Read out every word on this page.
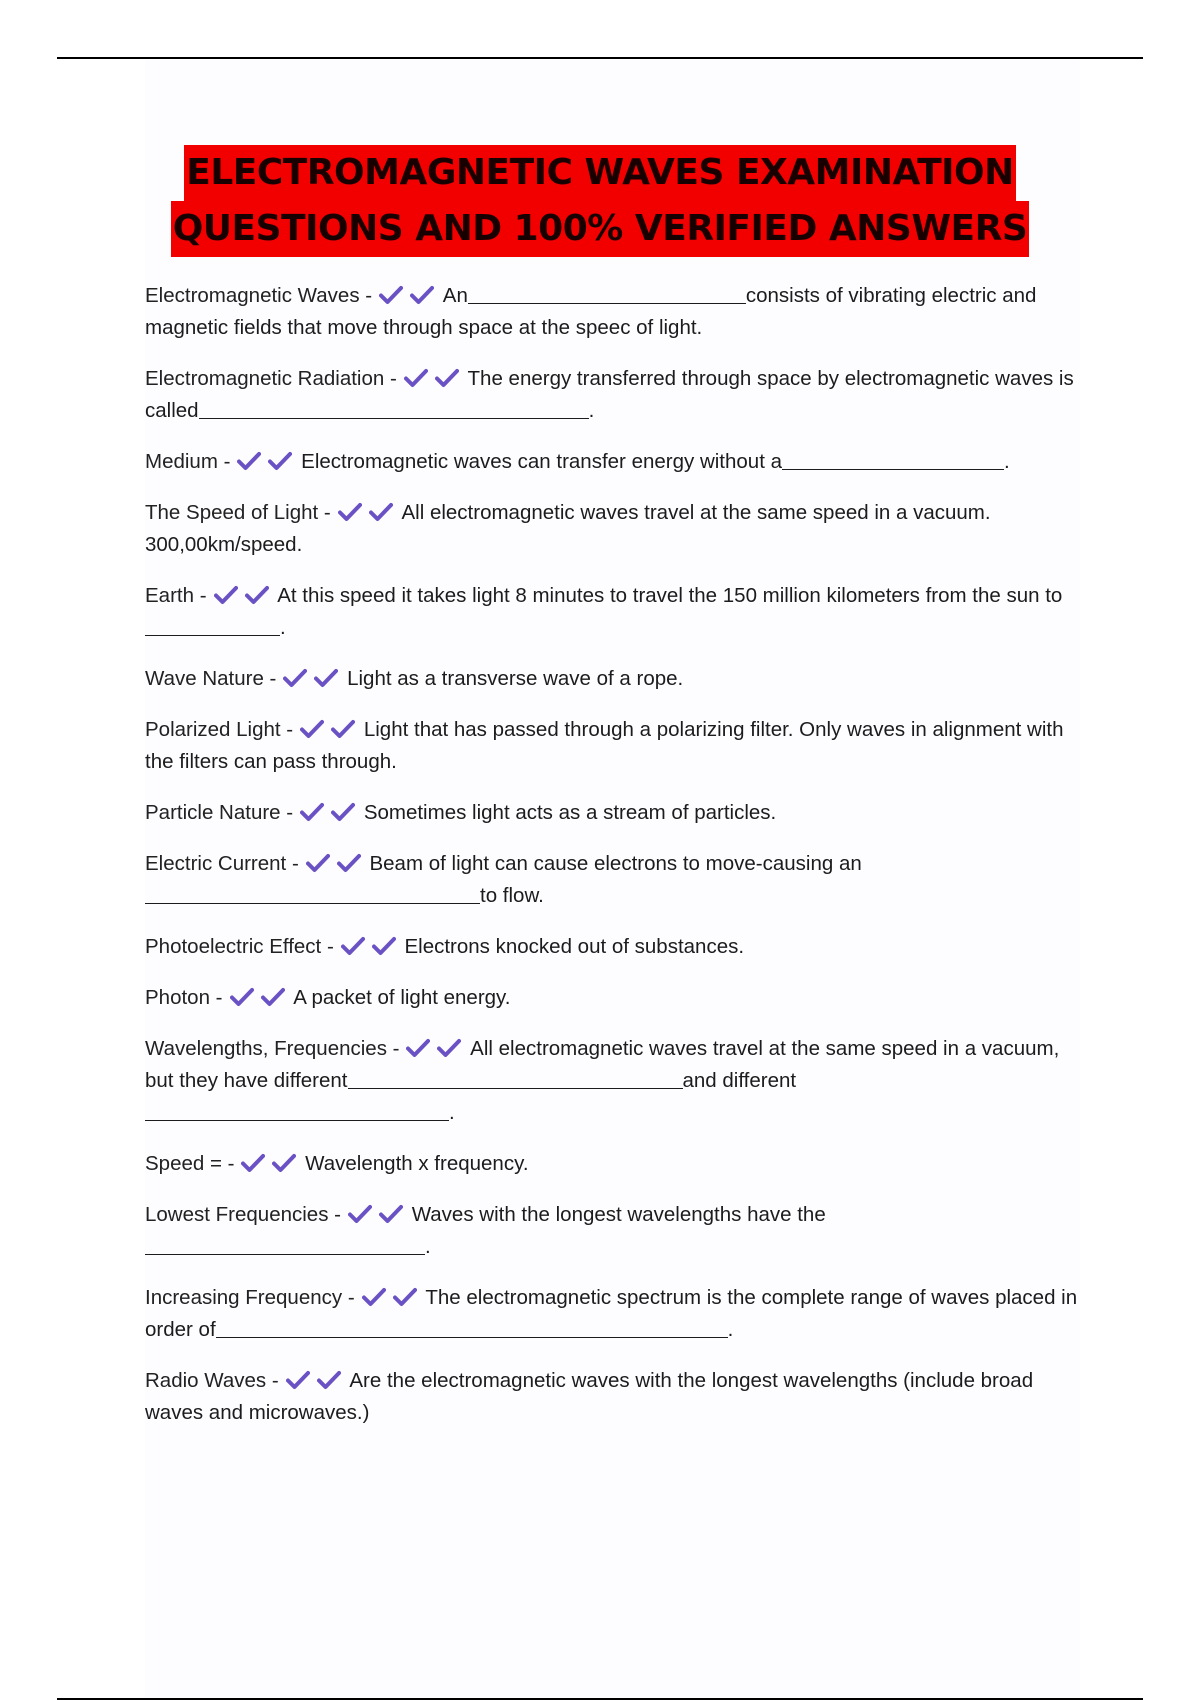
ELECTROMAGNETIC WAVES EXAMINATION
QUESTIONS AND 100% VERIFIED ANSWERS
Electromagnetic Waves -	An	consists of vibrating electric and magnetic fields that move through space at the speec of light.
Electromagnetic Radiation -	The energy transferred through space by electromagnetic waves is called	.
Medium -	Electromagnetic waves can transfer energy without a	.
The Speed of Light -	All electromagnetic waves travel at the same speed in a vacuum. 300,00km/speed.
Earth -	At this speed it takes light 8 minutes to travel the 150 million kilometers from the sun to.
Wave Nature -	Light as a transverse wave of a rope.
Polarized Light -	Light that has passed through a polarizing filter. Only waves in alignment with the filters can pass through.
Particle Nature -	Sometimes light acts as a stream of particles.
Electric Current -	Beam of light can cause electrons to move-causing anto flow.
Photoelectric Effect -	Electrons knocked out of substances.
Photon -	A packet of light energy.
Wavelengths, Frequencies -	All electromagnetic waves travel at the same speed in a vacuum, but they have different	and different.
Speed = -	Wavelength x frequency.
Lowest Frequencies -	Waves with the longest wavelengths have the.
Increasing Frequency -	The electromagnetic spectrum is the complete range of waves placed in order of	.
Radio Waves -	Are the electromagnetic waves with the longest wavelengths (include broad waves and microwaves.)
